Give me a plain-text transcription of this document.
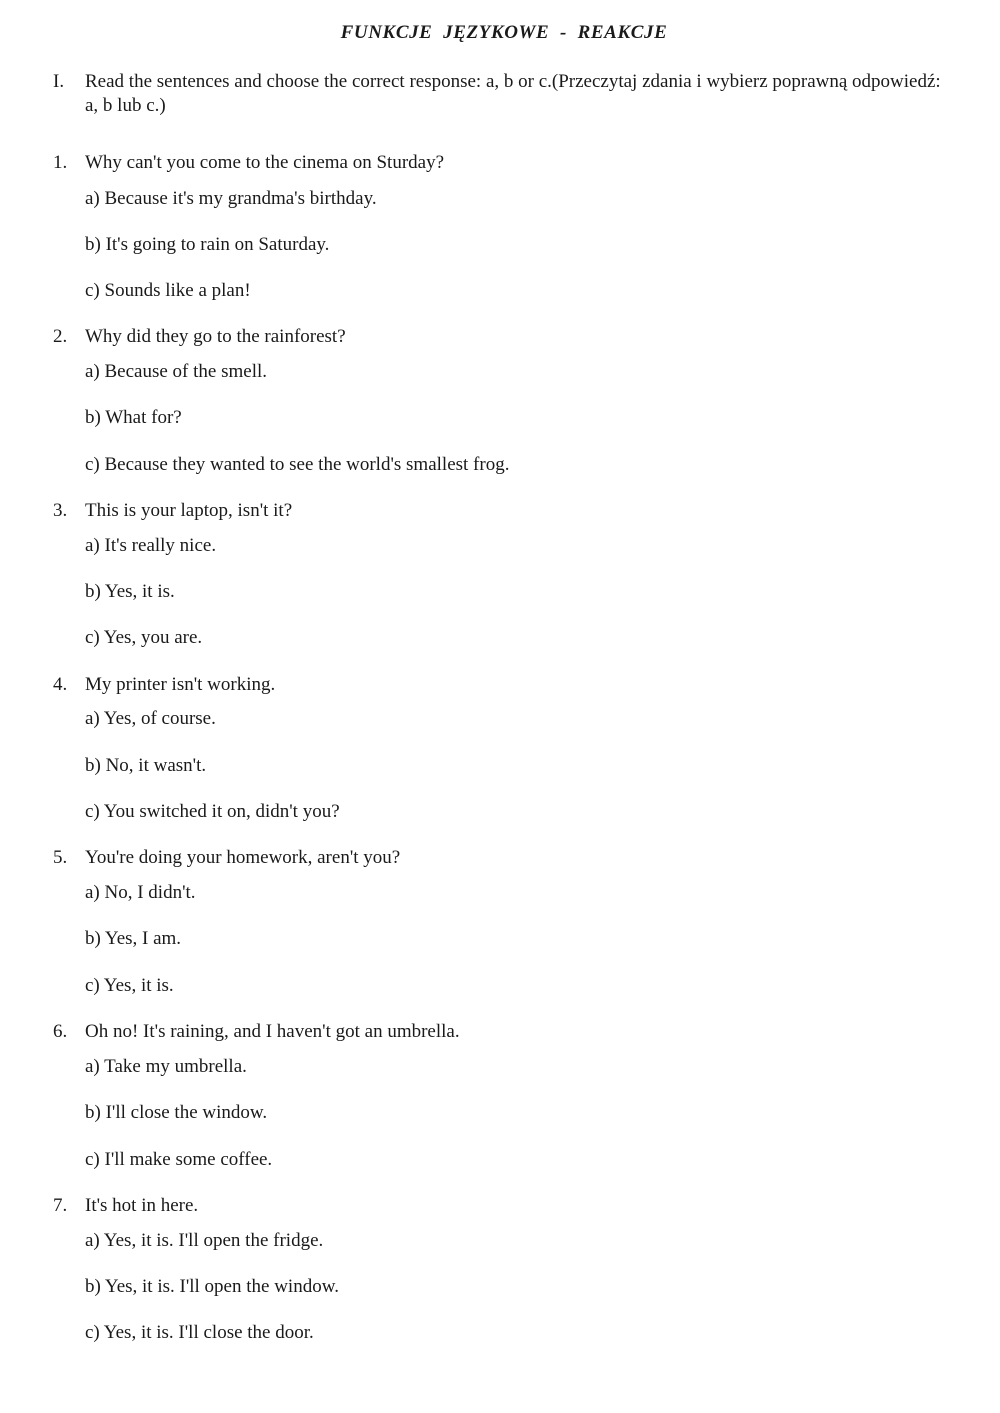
FUNKCJE  JĘZYKOWE  -  REAKCJE
I. Read the sentences and choose the correct response: a, b or c.(Przeczytaj zdania i wybierz poprawną odpowiedź: a, b lub c.)
1. Why can't you come to the cinema on Sturday?
a) Because it's my grandma's birthday.
b) It's going to rain on Saturday.
c) Sounds like a plan!
2. Why did they go to the rainforest?
a) Because of the smell.
b) What for?
c) Because they wanted to see the world's smallest frog.
3. This is your laptop, isn't it?
a) It's really nice.
b) Yes, it is.
c) Yes, you are.
4. My printer isn't working.
a) Yes, of course.
b) No, it wasn't.
c) You switched it on, didn't you?
5. You're doing your homework, aren't you?
a) No, I didn't.
b) Yes, I am.
c) Yes, it is.
6. Oh no! It's raining, and I haven't got an umbrella.
a) Take my umbrella.
b) I'll close the window.
c) I'll make some coffee.
7. It's hot in here.
a) Yes, it is. I'll open the fridge.
b) Yes, it is. I'll open the window.
c) Yes, it is. I'll close the door.
